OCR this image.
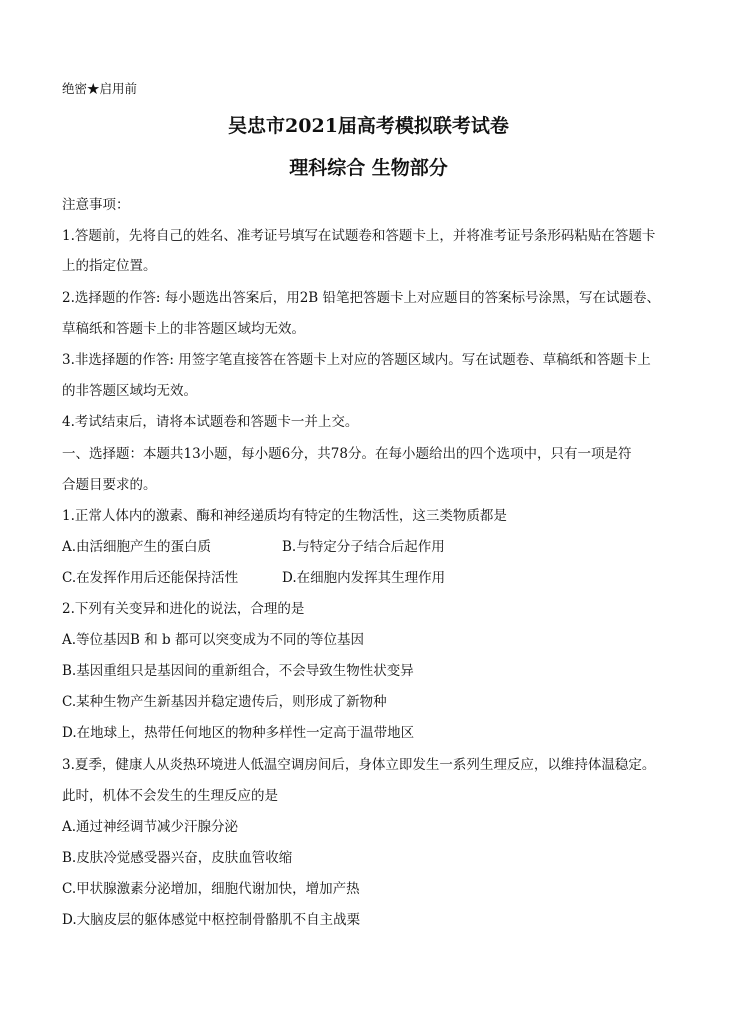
绝密★启用前
吴忠市2021届高考模拟联考试卷
理科综合 生物部分
注意事项：
1.答题前，先将自己的姓名、准考证号填写在试题卷和答题卡上，并将准考证号条形码粘贴在答题卡
上的指定位置。
2.选择题的作答: 每小题选出答案后，用2B 铅笔把答题卡上对应题目的答案标号涂黑，写在试题卷、
草稿纸和答题卡上的非答题区域均无效。
3.非选择题的作答: 用签字笔直接答在答题卡上对应的答题区域内。写在试题卷、草稿纸和答题卡上
的非答题区域均无效。
4.考试结束后，请将本试题卷和答题卡一并上交。
一、选择题：本题共13小题，每小题6分，共78分。在每小题给出的四个选项中，只有一项是符
合题目要求的。
1.正常人体内的激素、酶和神经递质均有特定的生物活性，这三类物质都是
A.由活细胞产生的蛋白质	B.与特定分子结合后起作用
C.在发挥作用后还能保持活性	D.在细胞内发挥其生理作用
2.下列有关变异和进化的说法，合理的是
A.等位基因B 和 b 都可以突变成为不同的等位基因
B.基因重组只是基因间的重新组合，不会导致生物性状变异
C.某种生物产生新基因并稳定遗传后，则形成了新物种
D.在地球上，热带任何地区的物种多样性一定高于温带地区
3.夏季，健康人从炎热环境进人低温空调房间后，身体立即发生一系列生理反应，以维持体温稳定。
此时，机体不会发生的生理反应的是
A.通过神经调节减少汗腺分泌
B.皮肤冷觉感受器兴奋，皮肤血管收缩
C.甲状腺激素分泌增加，细胞代谢加快，增加产热
D.大脑皮层的躯体感觉中枢控制骨骼肌不自主战栗
